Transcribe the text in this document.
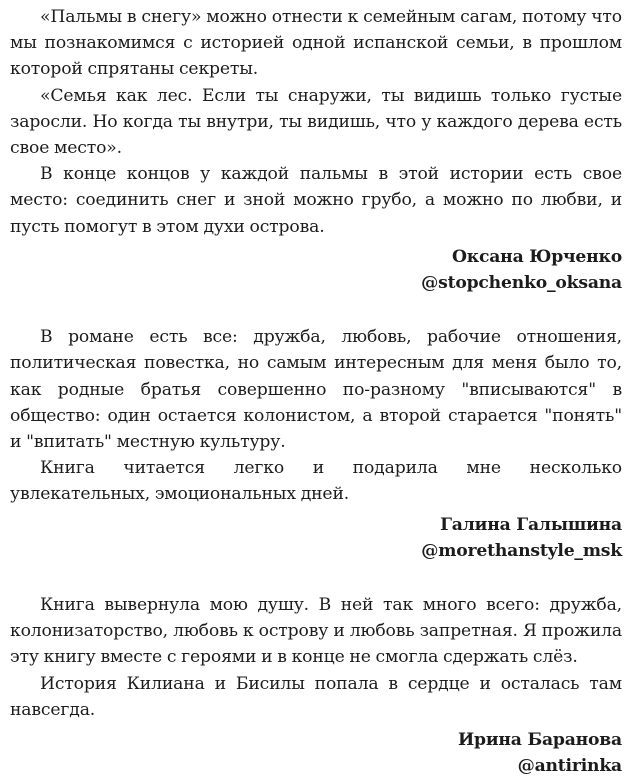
«Пальмы в снегу» можно отнести к семейным сагам, потому что мы познакомимся с историей одной испанской семьи, в прошлом которой спрятаны секреты.

«Семья как лес. Если ты снаружи, ты видишь только густые заросли. Но когда ты внутри, ты видишь, что у каждого дерева есть свое место».

В конце концов у каждой пальмы в этой истории есть свое место: соединить снег и зной можно грубо, а можно по любви, и пусть помогут в этом духи острова.

Оксана Юрченко
@stopchenko_oksana

В романе есть все: дружба, любовь, рабочие отношения, политическая повестка, но самым интересным для меня было то, как родные братья совершенно по-разному "вписываются" в общество: один остается колонистом, а второй старается "понять" и "впитать" местную культуру.

Книга читается легко и подарила мне несколько увлекательных, эмоциональных дней.

Галина Галышина
@morethanstyle_msk

Книга вывернула мою душу. В ней так много всего: дружба, колонизаторство, любовь к острову и любовь запретная. Я прожила эту книгу вместе с героями и в конце не смогла сдержать слёз.

История Килиана и Бисилы попала в сердце и осталась там навсегда.

Ирина Баранова
@antirinka
